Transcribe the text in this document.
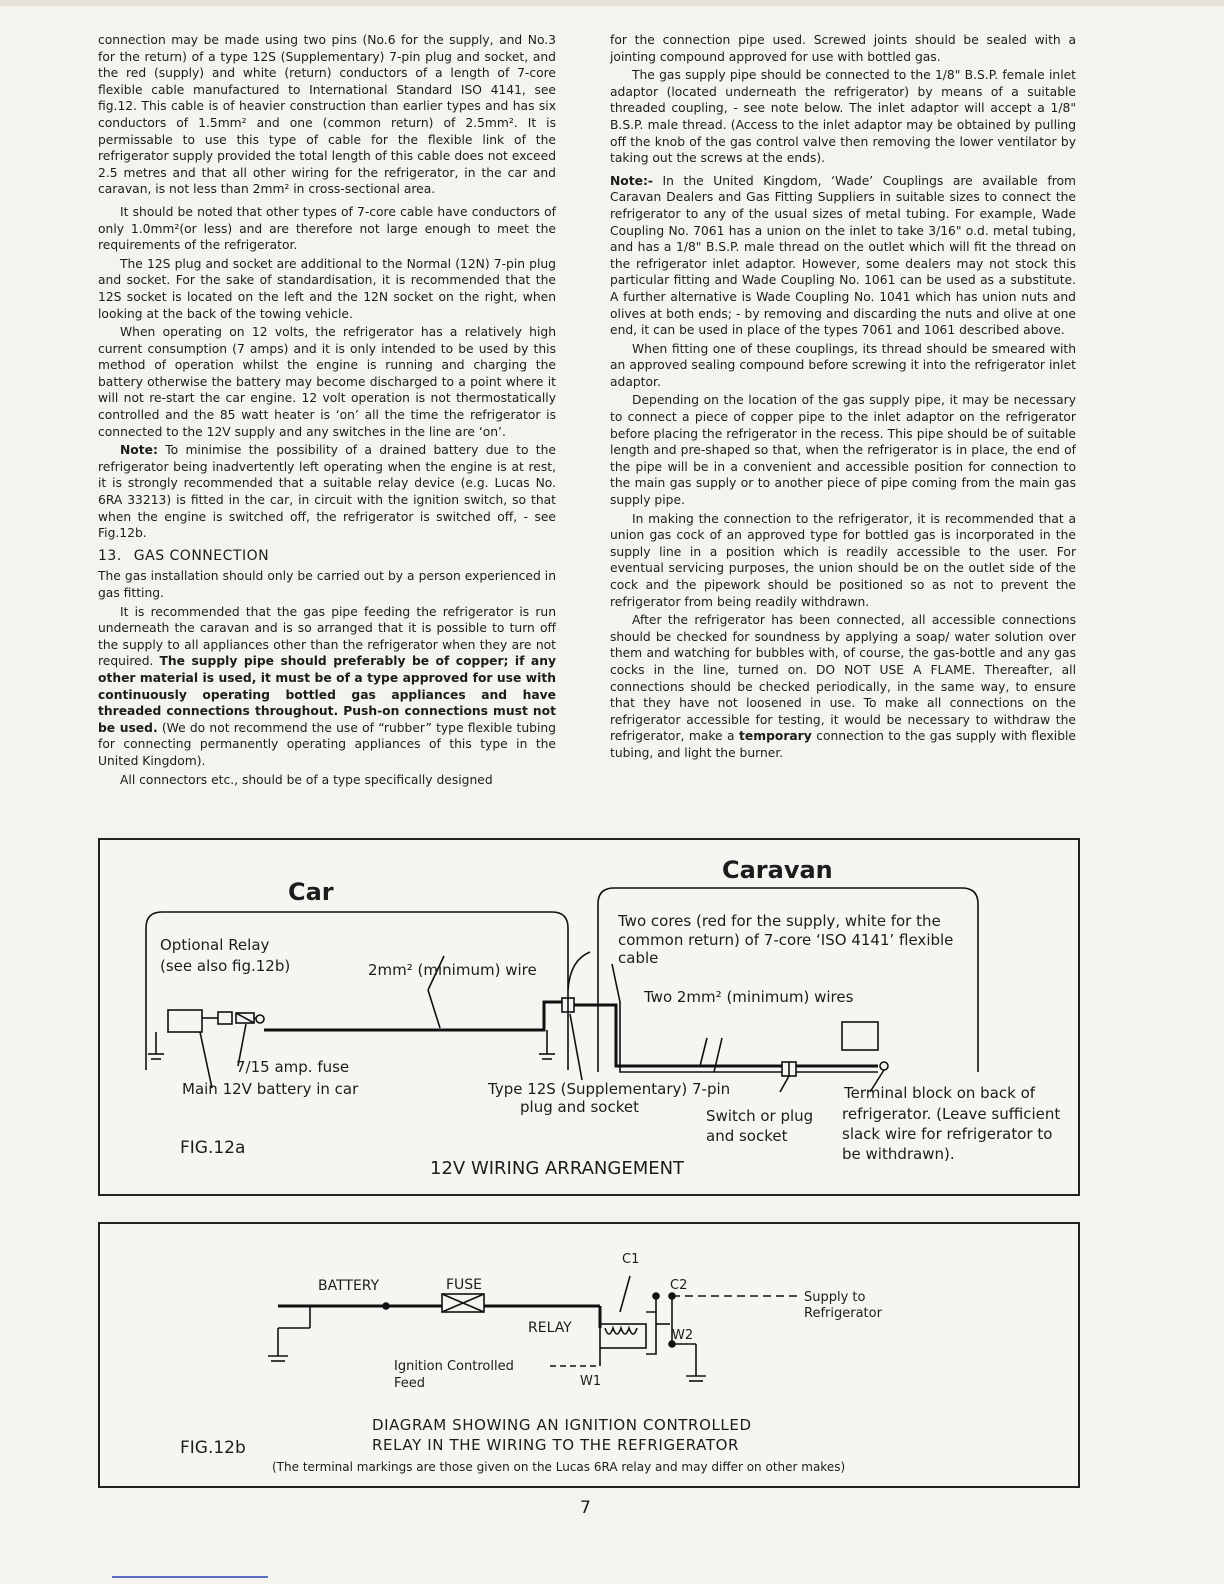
connection may be made using two pins (No.6 for the supply, and No.3 for the return) of a type 12S (Supplementary) 7-pin plug and socket, and the red (supply) and white (return) conductors of a length of 7-core flexible cable manufactured to International Standard ISO 4141, see fig.12. This cable is of heavier construction than earlier types and has six conductors of 1.5mm² and one (common return) of 2.5mm². It is permissable to use this type of cable for the flexible link of the refrigerator supply provided the total length of this cable does not exceed 2.5 metres and that all other wiring for the refrigerator, in the car and caravan, is not less than 2mm² in cross-sectional area.

It should be noted that other types of 7-core cable have conductors of only 1.0mm²(or less) and are therefore not large enough to meet the requirements of the refrigerator.

The 12S plug and socket are additional to the Normal (12N) 7-pin plug and socket. For the sake of standardisation, it is recommended that the 12S socket is located on the left and the 12N socket on the right, when looking at the back of the towing vehicle.

When operating on 12 volts, the refrigerator has a relatively high current consumption (7 amps) and it is only intended to be used by this method of operation whilst the engine is running and charging the battery otherwise the battery may become discharged to a point where it will not re-start the car engine. 12 volt operation is not thermostatically controlled and the 85 watt heater is ‘on’ all the time the refrigerator is connected to the 12V supply and any switches in the line are ‘on’.

Note: To minimise the possibility of a drained battery due to the refrigerator being inadvertently left operating when the engine is at rest, it is strongly recommended that a suitable relay device (e.g. Lucas No. 6RA 33213) is fitted in the car, in circuit with the ignition switch, so that when the engine is switched off, the refrigerator is switched off, - see Fig.12b.

13. GAS CONNECTION

The gas installation should only be carried out by a person experienced in gas fitting.

It is recommended that the gas pipe feeding the refrigerator is run underneath the caravan and is so arranged that it is possible to turn off the supply to all appliances other than the refrigerator when they are not required. The supply pipe should preferably be of copper; if any other material is used, it must be of a type approved for use with continuously operating bottled gas appliances and have threaded connections throughout. Push-on connections must not be used. (We do not recommend the use of “rubber” type flexible tubing for connecting permanently operating appliances of this type in the United Kingdom).

All connectors etc., should be of a type specifically designed

for the connection pipe used. Screwed joints should be sealed with a jointing compound approved for use with bottled gas.

The gas supply pipe should be connected to the 1/8" B.S.P. female inlet adaptor (located underneath the refrigerator) by means of a suitable threaded coupling, - see note below. The inlet adaptor will accept a 1/8" B.S.P. male thread. (Access to the inlet adaptor may be obtained by pulling off the knob of the gas control valve then removing the lower ventilator by taking out the screws at the ends).

Note:- In the United Kingdom, ‘Wade’ Couplings are available from Caravan Dealers and Gas Fitting Suppliers in suitable sizes to connect the refrigerator to any of the usual sizes of metal tubing. For example, Wade Coupling No. 7061 has a union on the inlet to take 3/16" o.d. metal tubing, and has a 1/8" B.S.P. male thread on the outlet which will fit the thread on the refrigerator inlet adaptor. However, some dealers may not stock this particular fitting and Wade Coupling No. 1061 can be used as a substitute. A further alternative is Wade Coupling No. 1041 which has union nuts and olives at both ends; - by removing and discarding the nuts and olive at one end, it can be used in place of the types 7061 and 1061 described above.

When fitting one of these couplings, its thread should be smeared with an approved sealing compound before screwing it into the refrigerator inlet adaptor.

Depending on the location of the gas supply pipe, it may be necessary to connect a piece of copper pipe to the inlet adaptor on the refrigerator before placing the refrigerator in the recess. This pipe should be of suitable length and pre-shaped so that, when the refrigerator is in place, the end of the pipe will be in a convenient and accessible position for connection to the main gas supply or to another piece of pipe coming from the main gas supply pipe.

In making the connection to the refrigerator, it is recommended that a union gas cock of an approved type for bottled gas is incorporated in the supply line in a position which is readily accessible to the user. For eventual servicing purposes, the union should be on the outlet side of the cock and the pipework should be positioned so as not to prevent the refrigerator from being readily withdrawn.

After the refrigerator has been connected, all accessible connections should be checked for soundness by applying a soap/ water solution over them and watching for bubbles with, of course, the gas-bottle and any gas cocks in the line, turned on. DO NOT USE A FLAME. Thereafter, all connections should be checked periodically, in the same way, to ensure that they have not loosened in use. To make all connections on the refrigerator accessible for testing, it would be necessary to withdraw the refrigerator, make a temporary connection to the gas supply with flexible tubing, and light the burner.

Car
Caravan
Optional Relay
(see also fig.12b)	2mm² (minimum) wire
Two cores (red for the supply, white for the
common return) of 7-core ‘ISO 4141’ flexible
cable
Two 2mm² (minimum) wires
7/15 amp. fuse
Main 12V battery in car	Type 12S (Supplementary) 7-pin
plug and socket	Switch or plug
and socket
Terminal block on back of
refrigerator. (Leave sufficient
slack wire for refrigerator to
be withdrawn).
FIG.12a
12V WIRING ARRANGEMENT
BATTERY	FUSE
RELAY
C1
C2
W2
W1
Supply to
Refrigerator
Ignition Controlled
Feed
DIAGRAM SHOWING AN IGNITION CONTROLLED
RELAY IN THE WIRING TO THE REFRIGERATOR
FIG.12b
(The terminal markings are those given on the Lucas 6RA relay and may differ on other makes)
7
